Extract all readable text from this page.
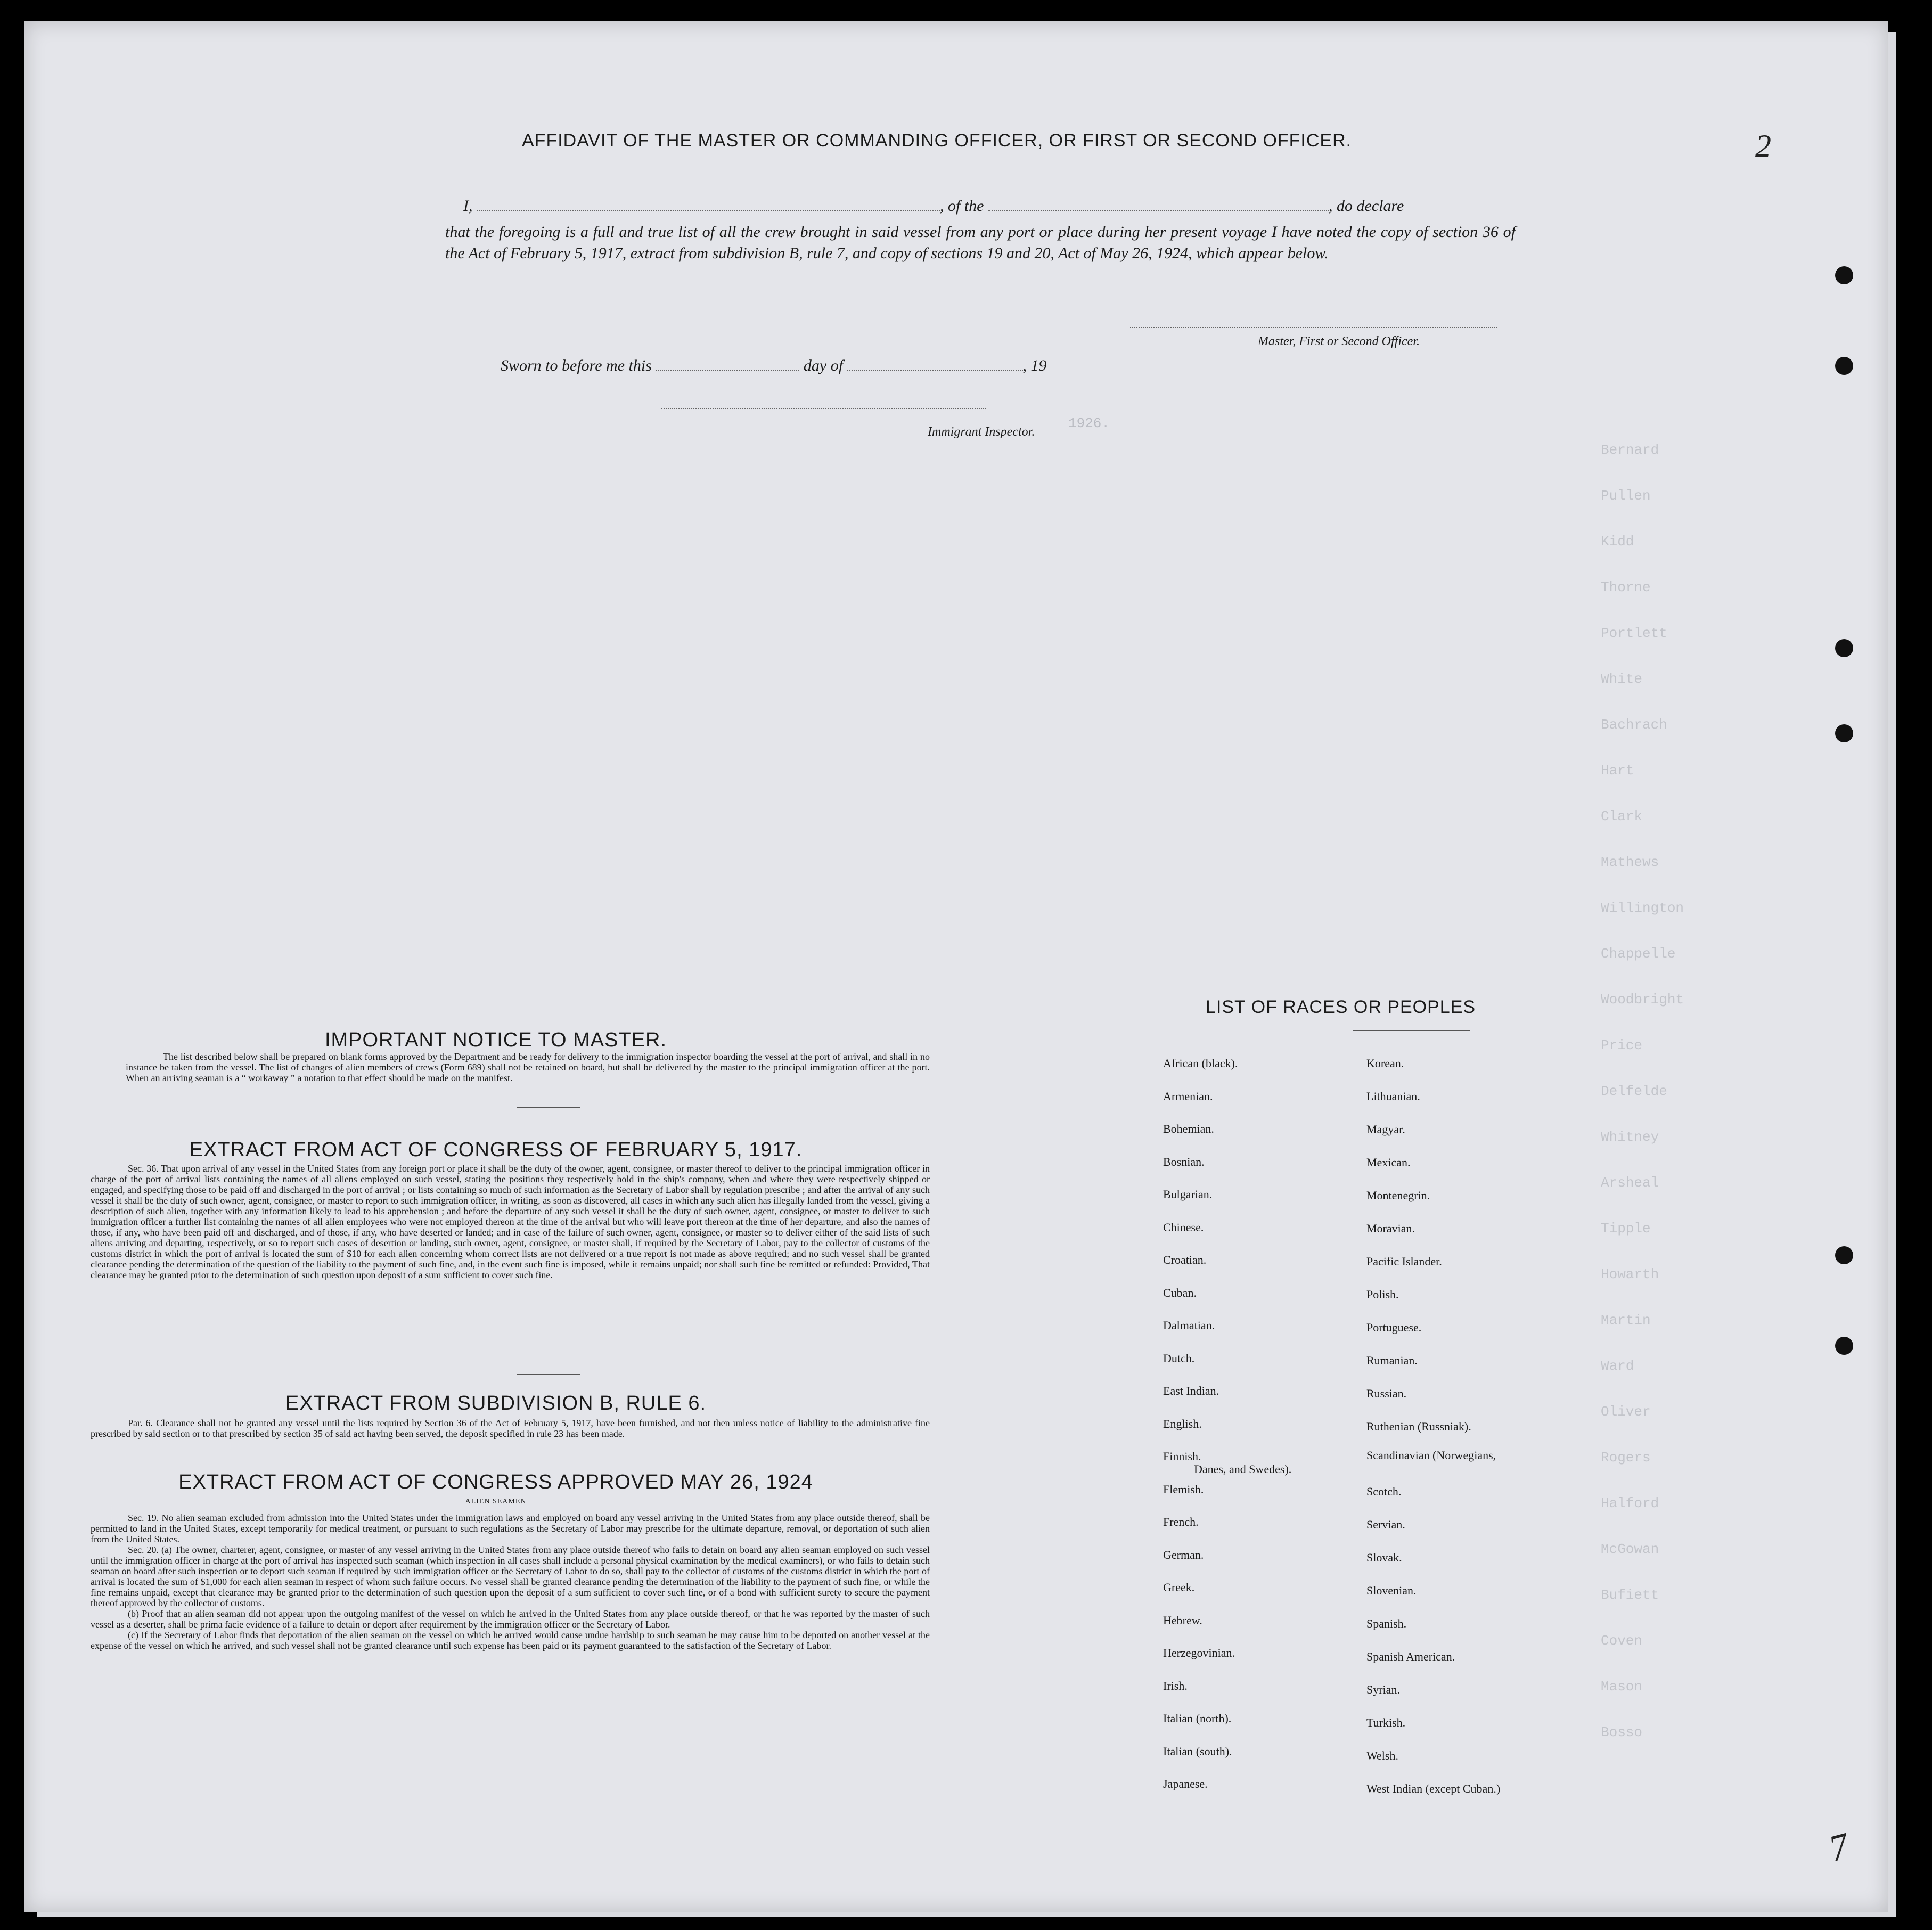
Bernard
Pullen
Kidd
Thorne
Portlett
White
Bachrach
Hart
Clark
Mathews
Willington
Chappelle
Woodbright
Price
Delfelde
Whitney
Arsheal
Tipple
Howarth
Martin
Ward
Oliver
Rogers
Halford
McGowan
Bufiett
Coven
Mason
Bosso
1926.
2
7
AFFIDAVIT OF THE MASTER OR COMMANDING OFFICER, OR FIRST OR SECOND OFFICER.
I,	, of the	, do declare
that the foregoing is a full and true list of all the crew brought in said vessel from any port or place during her present voyage I have noted the copy of section 36 of the Act of February 5, 1917, extract from subdivision B, rule 7, and copy of sections 19 and 20, Act of May 26, 1924, which appear below.
Master, First or Second Officer.
Sworn to before me this	day of	, 19
Immigrant Inspector.
IMPORTANT NOTICE TO MASTER.
The list described below shall be prepared on blank forms approved by the Department and be ready for delivery to the immigration inspector boarding the vessel at the port of arrival, and shall in no instance be taken from the vessel. The list of changes of alien members of crews (Form 689) shall not be retained on board, but shall be delivered by the master to the principal immigration officer at the port. When an arriving seaman is a “ workaway ” a notation to that effect should be made on the manifest.
EXTRACT FROM ACT OF CONGRESS OF FEBRUARY 5, 1917.
Sec. 36. That upon arrival of any vessel in the United States from any foreign port or place it shall be the duty of the owner, agent, consignee, or master thereof to deliver to the principal immigration officer in charge of the port of arrival lists containing the names of all aliens employed on such vessel, stating the positions they respectively hold in the ship's company, when and where they were respectively shipped or engaged, and specifying those to be paid off and discharged in the port of arrival ; or lists containing so much of such information as the Secretary of Labor shall by regulation prescribe ; and after the arrival of any such vessel it shall be the duty of such owner, agent, consignee, or master to report to such immigration officer, in writing, as soon as discovered, all cases in which any such alien has illegally landed from the vessel, giving a description of such alien, together with any information likely to lead to his apprehension ; and before the departure of any such vessel it shall be the duty of such owner, agent, consignee, or master to deliver to such immigration officer a further list containing the names of all alien employees who were not employed thereon at the time of the arrival but who will leave port thereon at the time of her departure, and also the names of those, if any, who have been paid off and discharged, and of those, if any, who have deserted or landed; and in case of the failure of such owner, agent, consignee, or master so to deliver either of the said lists of such aliens arriving and departing, respectively, or so to report such cases of desertion or landing, such owner, agent, consignee, or master shall, if required by the Secretary of Labor, pay to the collector of customs of the customs district in which the port of arrival is located the sum of $10 for each alien concerning whom correct lists are not delivered or a true report is not made as above required; and no such vessel shall be granted clearance pending the determination of the question of the liability to the payment of such fine, and, in the event such fine is imposed, while it remains unpaid; nor shall such fine be remitted or refunded: Provided, That clearance may be granted prior to the determination of such question upon deposit of a sum sufficient to cover such fine.
EXTRACT FROM SUBDIVISION B, RULE 6.
Par. 6. Clearance shall not be granted any vessel until the lists required by Section 36 of the Act of February 5, 1917, have been furnished, and not then unless notice of liability to the administrative fine prescribed by said section or to that prescribed by section 35 of said act having been served, the deposit specified in rule 23 has been made.
EXTRACT FROM ACT OF CONGRESS APPROVED MAY 26, 1924
ALIEN SEAMEN
Sec. 19. No alien seaman excluded from admission into the United States under the immigration laws and employed on board any vessel arriving in the United States from any place outside thereof, shall be permitted to land in the United States, except temporarily for medical treatment, or pursuant to such regulations as the Secretary of Labor may prescribe for the ultimate departure, removal, or deportation of such alien from the United States.
Sec. 20. (a) The owner, charterer, agent, consignee, or master of any vessel arriving in the United States from any place outside thereof who fails to detain on board any alien seaman employed on such vessel until the immigration officer in charge at the port of arrival has inspected such seaman (which inspection in all cases shall include a personal physical examination by the medical examiners), or who fails to detain such seaman on board after such inspection or to deport such seaman if required by such immigration officer or the Secretary of Labor to do so, shall pay to the collector of customs of the customs district in which the port of arrival is located the sum of $1,000 for each alien seaman in respect of whom such failure occurs. No vessel shall be granted clearance pending the determination of the liability to the payment of such fine, or while the fine remains unpaid, except that clearance may be granted prior to the determination of such question upon the deposit of a sum sufficient to cover such fine, or of a bond with sufficient surety to secure the payment thereof approved by the collector of customs.
(b) Proof that an alien seaman did not appear upon the outgoing manifest of the vessel on which he arrived in the United States from any place outside thereof, or that he was reported by the master of such vessel as a deserter, shall be prima facie evidence of a failure to detain or deport after requirement by the immigration officer or the Secretary of Labor.
(c) If the Secretary of Labor finds that deportation of the alien seaman on the vessel on which he arrived would cause undue hardship to such seaman he may cause him to be deported on another vessel at the expense of the vessel on which he arrived, and such vessel shall not be granted clearance until such expense has been paid or its payment guaranteed to the satisfaction of the Secretary of Labor.
LIST OF RACES OR PEOPLES
African (black).
Armenian.
Bohemian.
Bosnian.
Bulgarian.
Chinese.
Croatian.
Cuban.
Dalmatian.
Dutch.
East Indian.
English.
Finnish.
Flemish.
French.
German.
Greek.
Hebrew.
Herzegovinian.
Irish.
Italian (north).
Italian (south).
Japanese.
Korean.
Lithuanian.
Magyar.
Mexican.
Montenegrin.
Moravian.
Pacific Islander.
Polish.
Portuguese.
Rumanian.
Russian.
Ruthenian (Russniak).
Scandinavian (Norwegians,
Danes, and Swedes).
Scotch.
Servian.
Slovak.
Slovenian.
Spanish.
Spanish American.
Syrian.
Turkish.
Welsh.
West Indian (except Cuban.)
